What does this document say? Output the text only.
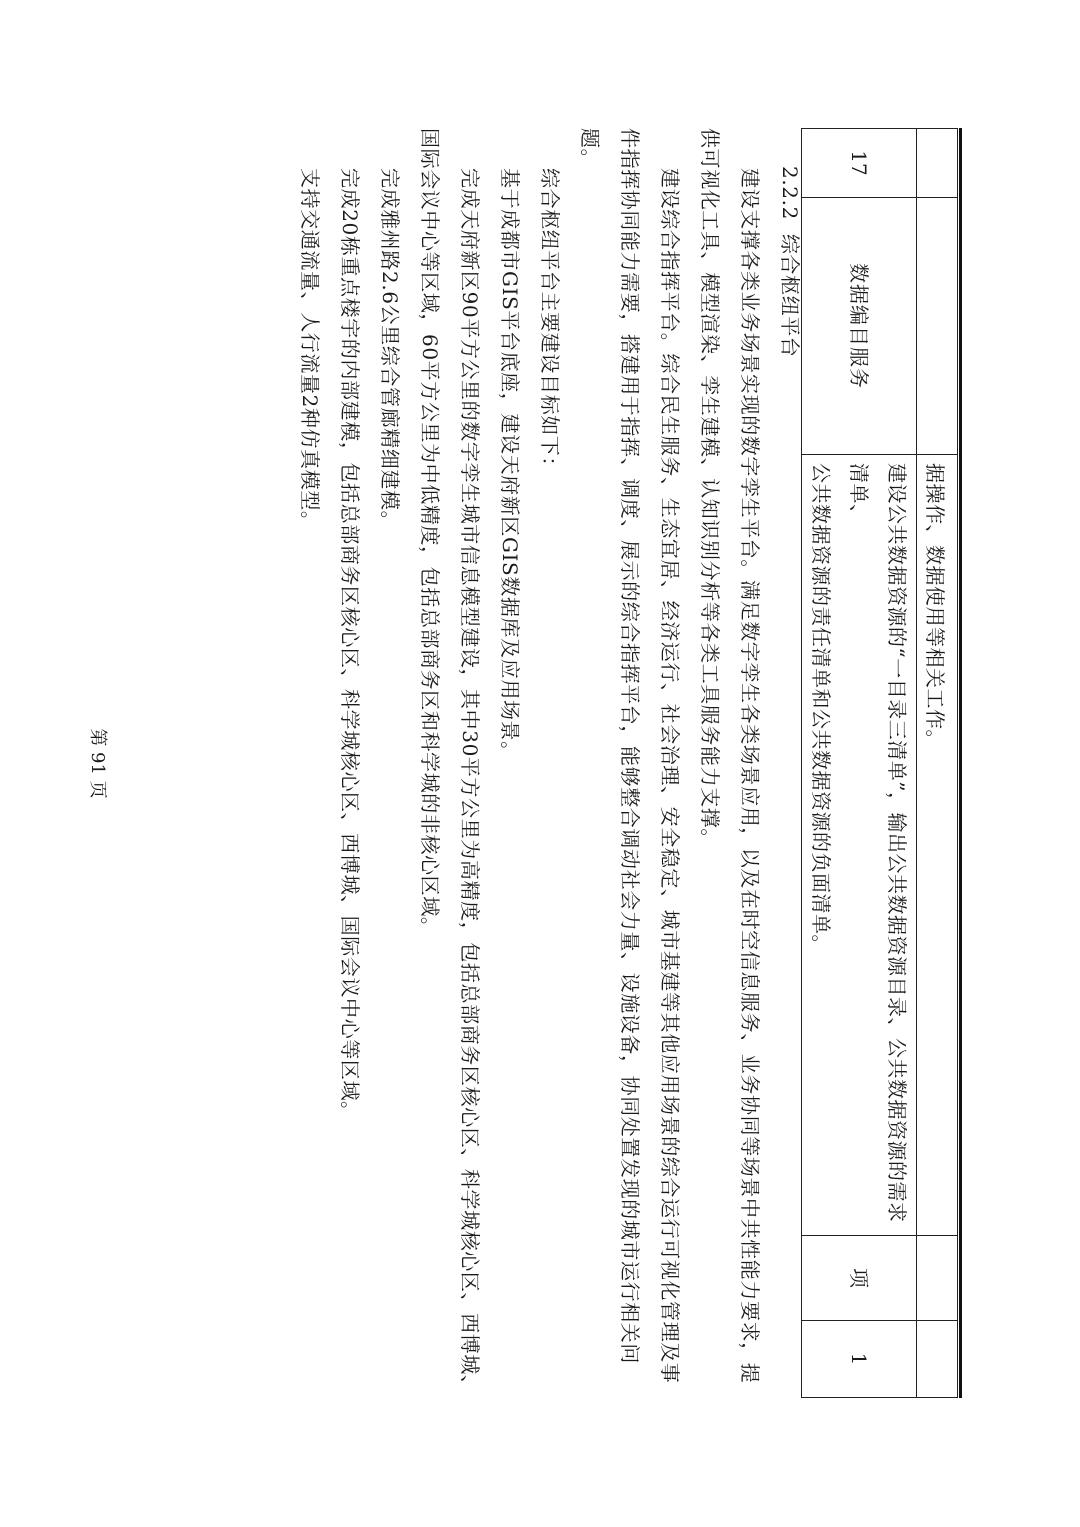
		据操作、数据使用等相关工作。		
17	数据编目服务	建设公共数据资源的“一目录三清单”，输出公共数据资源目录、公共数据资源的需求清单、
公共数据资源的责任清单和公共数据资源的负面清单。	项	1

2.2.2  综合枢纽平台

建设支撑各类业务场景实现的数字孪生平台。满足数字孪生各类场景应用，以及在时空信息服务、业务协同等场景中共性能力要求，提供可视化工具、模型渲染、孪生建模、认知识别分析等各类工具服务能力支撑。

建设综合指挥平台。综合民生服务、生态宜居、经济运行、社会治理、安全稳定、城市基建等其他应用场景的综合运行可视化管理及事件指挥协同能力需要，搭建用于指挥、调度、展示的综合指挥平台，能够整合调动社会力量、设施设备，协同处置发现的城市运行相关问题。

综合枢纽平台主要建设目标如下：

基于成都市GIS平台底座，建设天府新区GIS数据库及应用场景。

完成天府新区90平方公里的数字孪生城市信息模型建设，其中30平方公里为高精度，包括总部商务区核心区、科学城核心区、西博城、国际会议中心等区域，60平方公里为中低精度，包括总部商务区和科学城的非核心区域。

完成雅州路2.6公里综合管廊精细建模。

完成20栋重点楼宇的内部建模，包括总部商务区核心区、科学城核心区、西博城、国际会议中心等区域。

支持交通流量、人行流量2种仿真模型。

第 91 页
